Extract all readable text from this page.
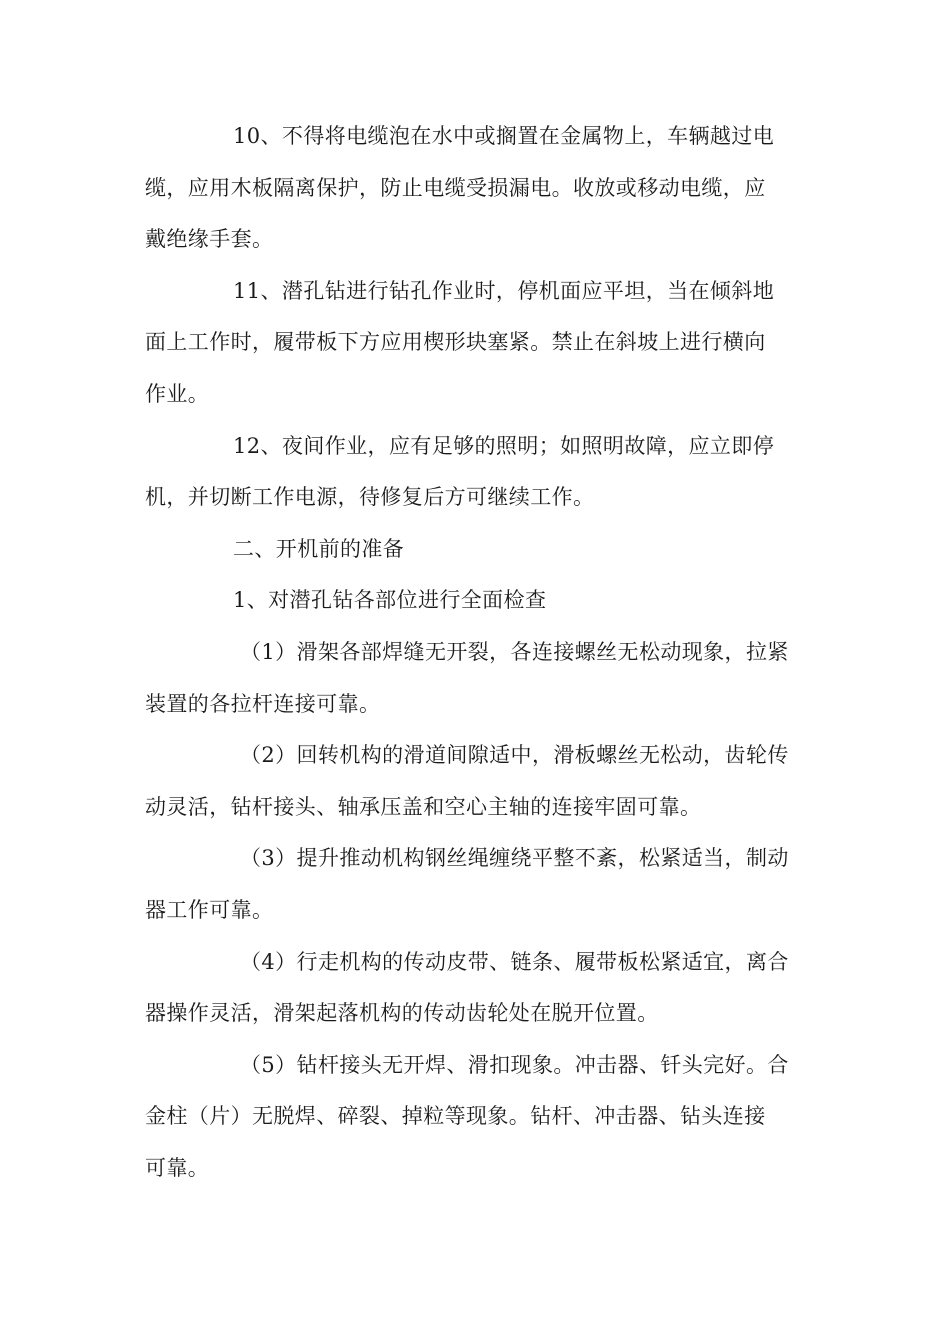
10、不得将电缆泡在水中或搁置在金属物上，车辆越过电
缆，应用木板隔离保护，防止电缆受损漏电。收放或移动电缆，应
戴绝缘手套。
11、潜孔钻进行钻孔作业时，停机面应平坦，当在倾斜地
面上工作时，履带板下方应用楔形块塞紧。禁止在斜坡上进行横向
作业。
12、夜间作业，应有足够的照明；如照明故障，应立即停
机，并切断工作电源，待修复后方可继续工作。
二、开机前的准备
1、对潜孔钻各部位进行全面检查
（1）滑架各部焊缝无开裂，各连接螺丝无松动现象，拉紧
装置的各拉杆连接可靠。
（2）回转机构的滑道间隙适中，滑板螺丝无松动，齿轮传
动灵活，钻杆接头、轴承压盖和空心主轴的连接牢固可靠。
（3）提升推动机构钢丝绳缠绕平整不紊，松紧适当，制动
器工作可靠。
（4）行走机构的传动皮带、链条、履带板松紧适宜，离合
器操作灵活，滑架起落机构的传动齿轮处在脱开位置。
（5）钻杆接头无开焊、滑扣现象。冲击器、钎头完好。合
金柱（片）无脱焊、碎裂、掉粒等现象。钻杆、冲击器、钻头连接
可靠。
